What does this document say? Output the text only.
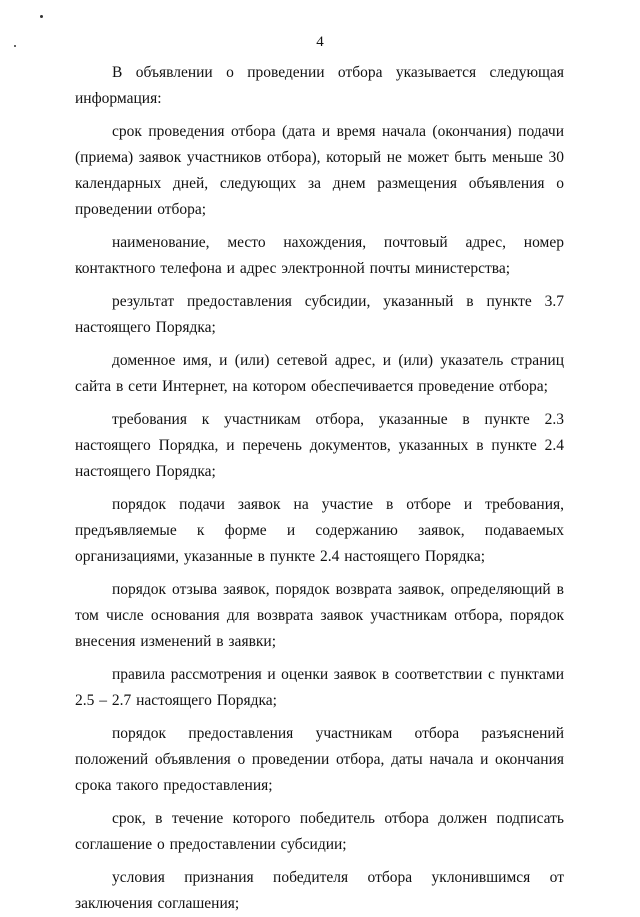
4

В объявлении о проведении отбора указывается следующая информация:

срок проведения отбора (дата и время начала (окончания) подачи (приема) заявок участников отбора), который не может быть меньше 30 календарных дней, следующих за днем размещения объявления о проведении отбора;

наименование, место нахождения, почтовый адрес, номер контактного телефона и адрес электронной почты министерства;

результат предоставления субсидии, указанный в пункте 3.7 настоящего Порядка;

доменное имя, и (или) сетевой адрес, и (или) указатель страниц сайта в сети Интернет, на котором обеспечивается проведение отбора;

требования к участникам отбора, указанные в пункте 2.3 настоящего Порядка, и перечень документов, указанных в пункте 2.4 настоящего Порядка;

порядок подачи заявок на участие в отборе и требования, предъявляемые к форме и содержанию заявок, подаваемых организациями, указанные в пункте 2.4 настоящего Порядка;

порядок отзыва заявок, порядок возврата заявок, определяющий в том числе основания для возврата заявок участникам отбора, порядок внесения изменений в заявки;

правила рассмотрения и оценки заявок в соответствии с пунктами 2.5 – 2.7 настоящего Порядка;

порядок предоставления участникам отбора разъяснений положений объявления о проведении отбора, даты начала и окончания срока такого предоставления;

срок, в течение которого победитель отбора должен подписать соглашение о предоставлении субсидии;

условия признания победителя отбора уклонившимся от заключения соглашения;
